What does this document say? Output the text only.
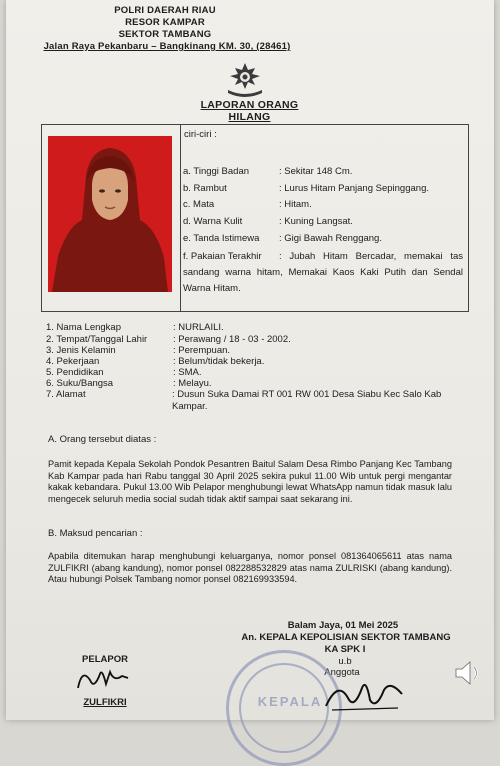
POLRI DAERAH RIAU
RESOR KAMPAR
SEKTOR TAMBANG
Jalan Raya Pekanbaru – Bangkinang KM. 30, (28461)
LAPORAN ORANG HILANG
ciri-ciri :
a. Tinggi Badan	: Sekitar 148 Cm.
b. Rambut	: Lurus Hitam Panjang Sepinggang.
c. Mata	: Hitam.
d. Warna Kulit	: Kuning Langsat.
e. Tanda Istimewa : Gigi Bawah Renggang.
f. Pakaian Terakhir : Jubah Hitam Bercadar, memakai tas sandang warna hitam, Memakai Kaos Kaki Putih dan Sendal Warna Hitam.
1. Nama Lengkap	: NURLAILI.
2. Tempat/Tanggal Lahir	: Perawang / 18 - 03 - 2002.
3. Jenis Kelamin	: Perempuan.
4. Pekerjaan	: Belum/tidak bekerja.
5. Pendidikan	: SMA.
6. Suku/Bangsa	: Melayu.
7. Alamat	: Dusun Suka Damai RT 001 RW 001 Desa Siabu Kec Salo Kab Kampar.
A. Orang tersebut diatas :
Pamit kepada Kepala Sekolah Pondok Pesantren Baitul Salam Desa Rimbo Panjang Kec Tambang Kab Kampar pada hari Rabu tanggal 30 April 2025 sekira pukul 11.00 Wib untuk pergi mengantar kakak kebandara. Pukul 13.00 Wib Pelapor menghubungi lewat WhatsApp namun tidak masuk lalu mengecek seluruh media social sudah tidak aktif sampai saat sekarang ini.
B. Maksud pencarian :
Apabila ditemukan harap menghubungi keluarganya, nomor ponsel 081364065611 atas nama ZULFIKRI (abang kandung), nomor ponsel 082288532829 atas nama ZULRISKI (abang kandung). Atau hubungi Polsek Tambang nomor ponsel 082169933594.
Balam Jaya, 01 Mei 2025
An. KEPALA KEPOLISIAN SEKTOR TAMBANG
KA SPK I
u.b
Anggota
KEPALA
PELAPOR
ZULFIKRI
